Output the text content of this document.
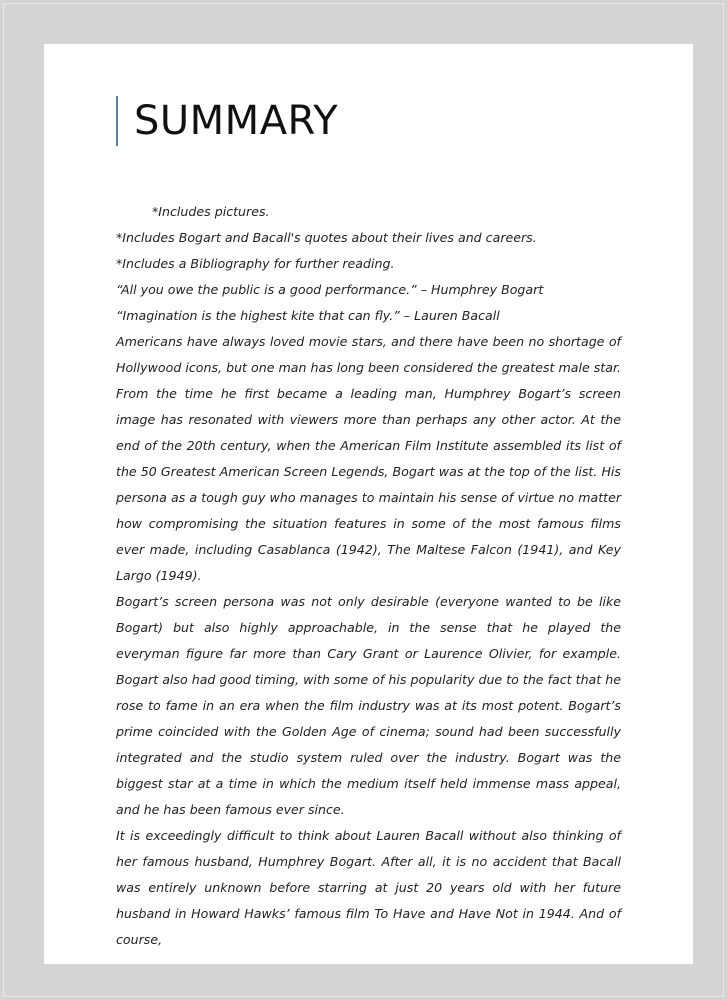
SUMMARY

*Includes pictures.

*Includes Bogart and Bacall's quotes about their lives and careers.

*Includes a Bibliography for further reading.

“All you owe the public is a good performance.” – Humphrey Bogart

“Imagination is the highest kite that can fly.” – Lauren Bacall

Americans have always loved movie stars, and there have been no shortage of Hollywood icons, but one man has long been considered the greatest male star. From the time he first became a leading man, Humphrey Bogart’s screen image has resonated with viewers more than perhaps any other actor. At the end of the 20th century, when the American Film Institute assembled its list of the 50 Greatest American Screen Legends, Bogart was at the top of the list. His persona as a tough guy who manages to maintain his sense of virtue no matter how compromising the situation features in some of the most famous films ever made, including Casablanca (1942), The Maltese Falcon (1941), and Key Largo (1949).

Bogart’s screen persona was not only desirable (everyone wanted to be like Bogart) but also highly approachable, in the sense that he played the everyman figure far more than Cary Grant or Laurence Olivier, for example. Bogart also had good timing, with some of his popularity due to the fact that he rose to fame in an era when the film industry was at its most potent. Bogart’s prime coincided with the Golden Age of cinema; sound had been successfully integrated and the studio system ruled over the industry. Bogart was the biggest star at a time in which the medium itself held immense mass appeal, and he has been famous ever since.

It is exceedingly difficult to think about Lauren Bacall without also thinking of her famous husband, Humphrey Bogart. After all, it is no accident that Bacall was entirely unknown before starring at just 20 years old with her future husband in Howard Hawks’ famous film To Have and Have Not in 1944. And of course,
